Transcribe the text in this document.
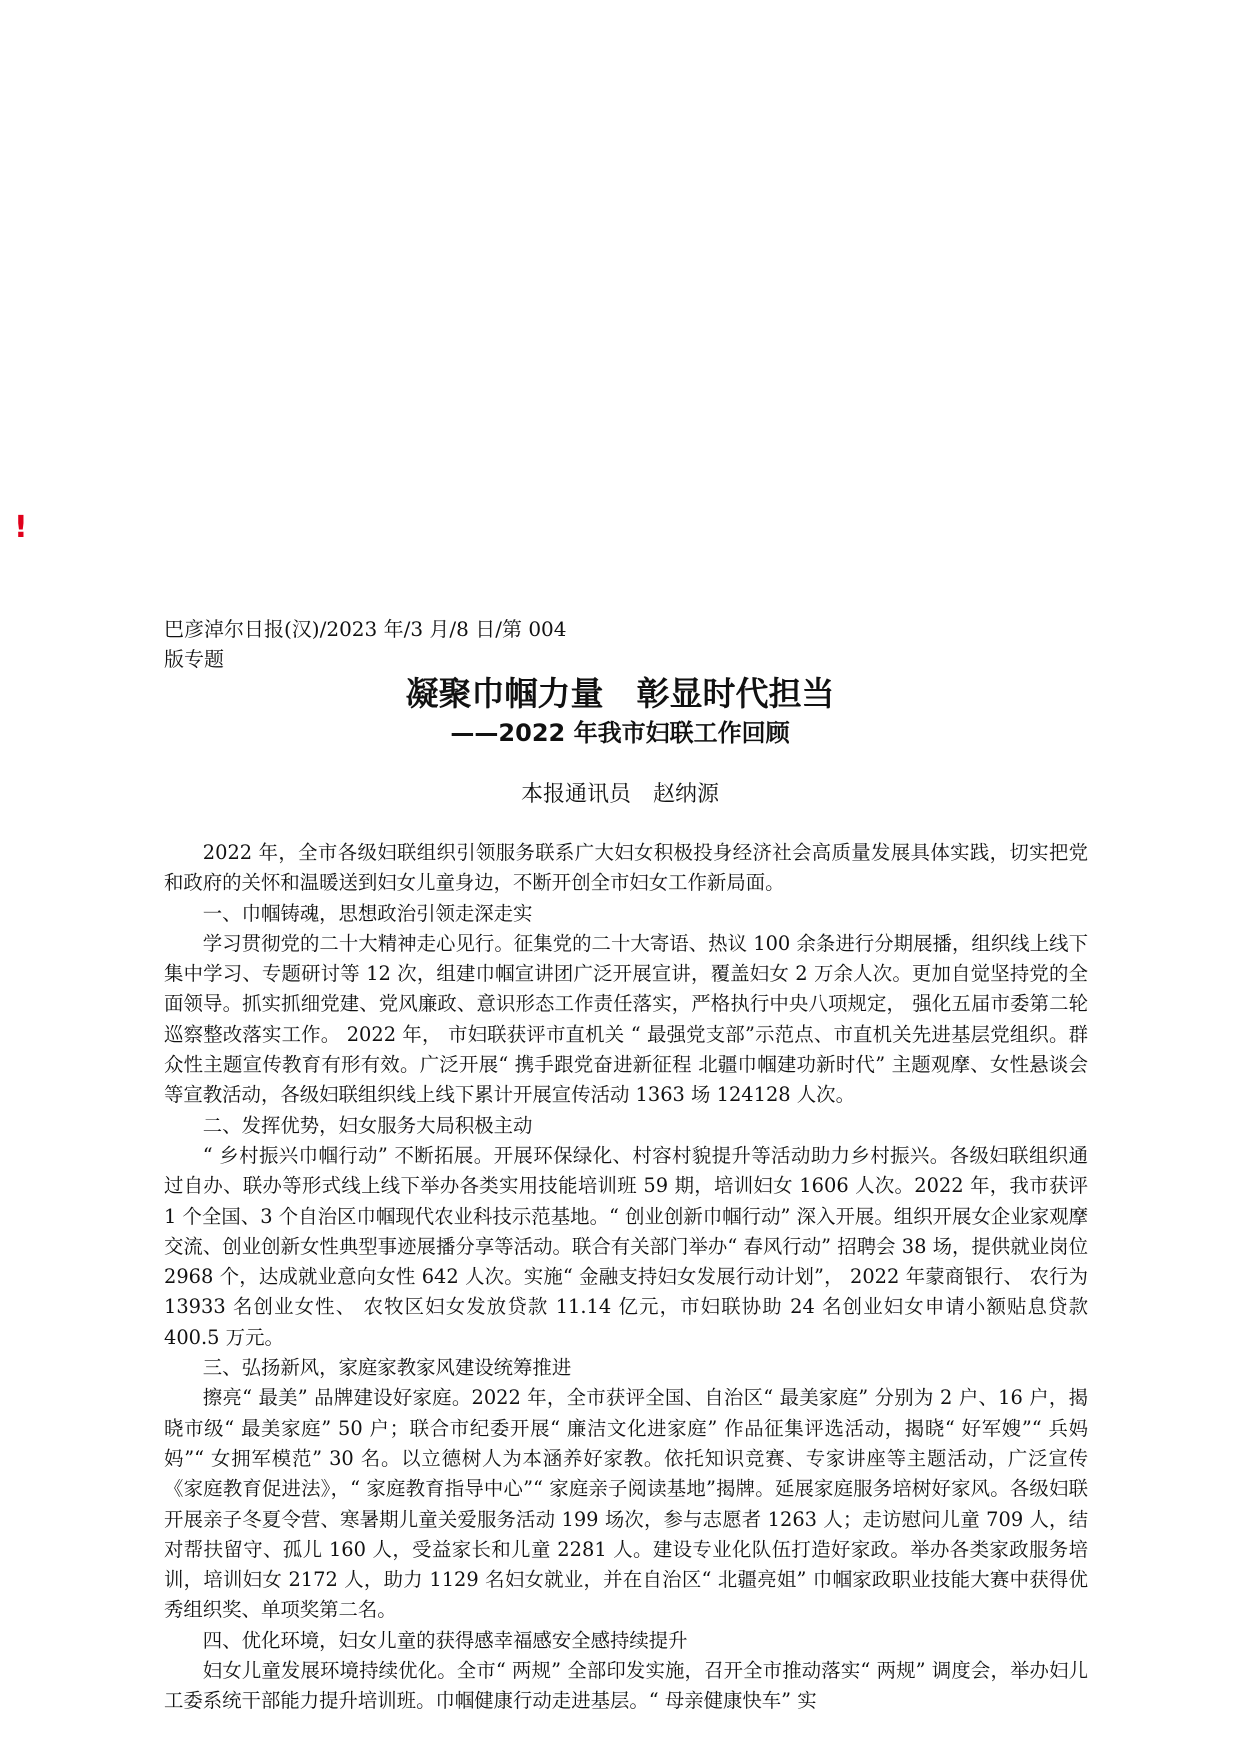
!
巴彦淖尔日报(汉)/2023 年/3 月/8 日/第 004
版专题
凝聚巾帼力量　彰显时代担当
——2022 年我市妇联工作回顾
本报通讯员　赵纳源

2022 年，全市各级妇联组织引领服务联系广大妇女积极投身经济社会高质量发展具体实践，切实把党和政府的关怀和温暖送到妇女儿童身边，不断开创全市妇女工作新局面。

一、巾帼铸魂，思想政治引领走深走实

学习贯彻党的二十大精神走心见行。征集党的二十大寄语、热议 100 余条进行分期展播，组织线上线下集中学习、专题研讨等 12 次，组建巾帼宣讲团广泛开展宣讲，覆盖妇女 2 万余人次。更加自觉坚持党的全面领导。抓实抓细党建、党风廉政、意识形态工作责任落实，严格执行中央八项规定， 强化五届市委第二轮巡察整改落实工作。 2022 年， 市妇联获评市直机关 “ 最强党支部”示范点、市直机关先进基层党组织。群众性主题宣传教育有形有效。广泛开展“ 携手跟党奋进新征程 北疆巾帼建功新时代” 主题观摩、女性悬谈会等宣教活动，各级妇联组织线上线下累计开展宣传活动 1363 场 124128 人次。

二、发挥优势，妇女服务大局积极主动

“ 乡村振兴巾帼行动” 不断拓展。开展环保绿化、村容村貌提升等活动助力乡村振兴。各级妇联组织通过自办、联办等形式线上线下举办各类实用技能培训班 59 期，培训妇女 1606 人次。2022 年，我市获评 1 个全国、3 个自治区巾帼现代农业科技示范基地。“ 创业创新巾帼行动” 深入开展。组织开展女企业家观摩交流、创业创新女性典型事迹展播分享等活动。联合有关部门举办“ 春风行动” 招聘会 38 场，提供就业岗位 2968 个，达成就业意向女性 642 人次。实施“ 金融支持妇女发展行动计划”， 2022 年蒙商银行、 农行为 13933 名创业女性、 农牧区妇女发放贷款 11.14 亿元，市妇联协助 24 名创业妇女申请小额贴息贷款 400.5 万元。

三、弘扬新风，家庭家教家风建设统筹推进

擦亮“ 最美” 品牌建设好家庭。2022 年，全市获评全国、自治区“ 最美家庭” 分别为 2 户、16 户，揭晓市级“ 最美家庭” 50 户；联合市纪委开展“ 廉洁文化进家庭” 作品征集评选活动，揭晓“ 好军嫂”“ 兵妈妈”“ 女拥军模范” 30 名。以立德树人为本涵养好家教。依托知识竞赛、专家讲座等主题活动，广泛宣传《家庭教育促进法》，“ 家庭教育指导中心”“ 家庭亲子阅读基地”揭牌。延展家庭服务培树好家风。各级妇联开展亲子冬夏令营、寒暑期儿童关爱服务活动 199 场次，参与志愿者 1263 人；走访慰问儿童 709 人，结对帮扶留守、孤儿 160 人，受益家长和儿童 2281 人。建设专业化队伍打造好家政。举办各类家政服务培训，培训妇女 2172 人，助力 1129 名妇女就业，并在自治区“ 北疆亮姐” 巾帼家政职业技能大赛中获得优秀组织奖、单项奖第二名。

四、优化环境，妇女儿童的获得感幸福感安全感持续提升

妇女儿童发展环境持续优化。全市“ 两规” 全部印发实施，召开全市推动落实“ 两规” 调度会，举办妇儿工委系统干部能力提升培训班。巾帼健康行动走进基层。“ 母亲健康快车” 实
